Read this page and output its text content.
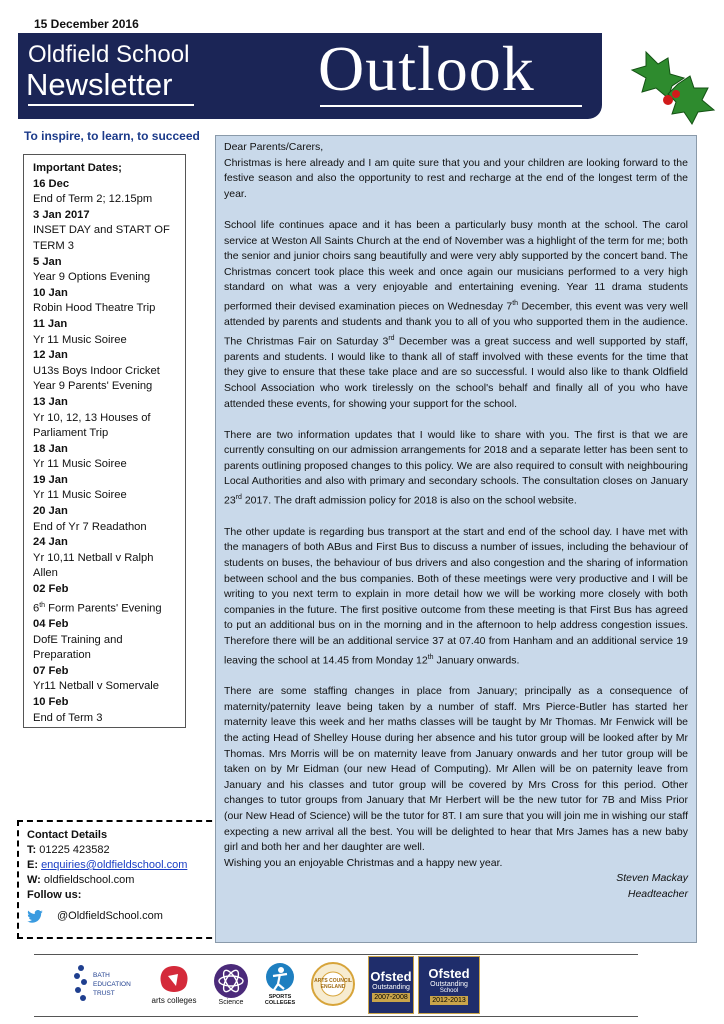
15 December 2016
Oldfield School
Newsletter Outlook
To inspire, to learn, to succeed
Important Dates;
16 Dec
End of Term 2; 12.15pm
3 Jan 2017
INSET DAY and START OF TERM 3
5 Jan
Year 9 Options Evening
10 Jan
Robin Hood Theatre Trip
11 Jan
Yr 11 Music Soiree
12 Jan
U13s Boys Indoor Cricket
Year 9 Parents' Evening
13 Jan
Yr 10, 12, 13 Houses of Parliament Trip
18 Jan
Yr 11 Music Soiree
19 Jan
Yr 11 Music Soiree
20 Jan
End of Yr 7 Readathon
24 Jan
Yr 10,11 Netball v Ralph Allen
02 Feb
6th Form Parents' Evening
04 Feb
DofE Training and Preparation
07 Feb
Yr11 Netball v Somervale
10 Feb
End of Term 3
Contact Details
T: 01225 423582
E: enquiries@oldfieldschool.com
W: oldfieldschool.com
Follow us:
@OldfieldSchool.com

Dear Parents/Carers,

Christmas is here already and I am quite sure that you and your children are looking forward to the festive season and also the opportunity to rest and recharge at the end of the longest term of the year.

School life continues apace and it has been a particularly busy month at the school. The carol service at Weston All Saints Church at the end of November was a highlight of the term for me; both the senior and junior choirs sang beautifully and were very ably supported by the concert band. The Christmas concert took place this week and once again our musicians performed to a very high standard on what was a very enjoyable and entertaining evening. Year 11 drama students performed their devised examination pieces on Wednesday 7th December, this event was very well attended by parents and students and thank you to all of you who supported them in the audience. The Christmas Fair on Saturday 3rd December was a great success and well supported by staff, parents and students. I would like to thank all of staff involved with these events for the time that they give to ensure that these take place and are so successful. I would also like to thank Oldfield School Association who work tirelessly on the school's behalf and finally all of you who have attended these events, for showing your support for the school.

There are two information updates that I would like to share with you. The first is that we are currently consulting on our admission arrangements for 2018 and a separate letter has been sent to parents outlining proposed changes to this policy. We are also required to consult with neighbouring Local Authorities and also with primary and secondary schools. The consultation closes on January 23rd 2017. The draft admission policy for 2018 is also on the school website.

The other update is regarding bus transport at the start and end of the school day. I have met with the managers of both ABus and First Bus to discuss a number of issues, including the behaviour of students on buses, the behaviour of bus drivers and also congestion and the sharing of information between school and the bus companies. Both of these meetings were very productive and I will be writing to you next term to explain in more detail how we will be working more closely with both companies in the future. The first positive outcome from these meeting is that First Bus has agreed to put an additional bus on in the morning and in the afternoon to help address congestion issues. Therefore there will be an additional service 37 at 07.40 from Hanham and an additional service 19 leaving the school at 14.45 from Monday 12th January onwards.

There are some staffing changes in place from January; principally as a consequence of maternity/paternity leave being taken by a number of staff. Mrs Pierce-Butler has started her maternity leave this week and her maths classes will be taught by Mr Thomas. Mr Fenwick will be the acting Head of Shelley House during her absence and his tutor group will be looked after by Mr Thomas. Mrs Morris will be on maternity leave from January onwards and her tutor group will be taken on by Mr Eidman (our new Head of Computing). Mr Allen will be on paternity leave from January and his classes and tutor group will be covered by Mrs Cross for this period. Other changes to tutor groups from January that Mr Herbert will be the new tutor for 7B and Miss Prior (our New Head of Science) will be the tutor for 8T. I am sure that you will join me in wishing our staff expecting a new arrival all the best. You will be delighted to hear that Mrs James has a new baby girl and both her and her daughter are well.

Wishing you an enjoyable Christmas and a happy new year.

Steven Mackay
Headteacher
BATH
EDUCATION
TRUST
arts colleges	Science
SPORTS COLLEGES
ARTS COUNCIL ENGLAND
Ofsted
Outstanding
2007-2008
Ofsted
Outstanding
School
2012-2013
